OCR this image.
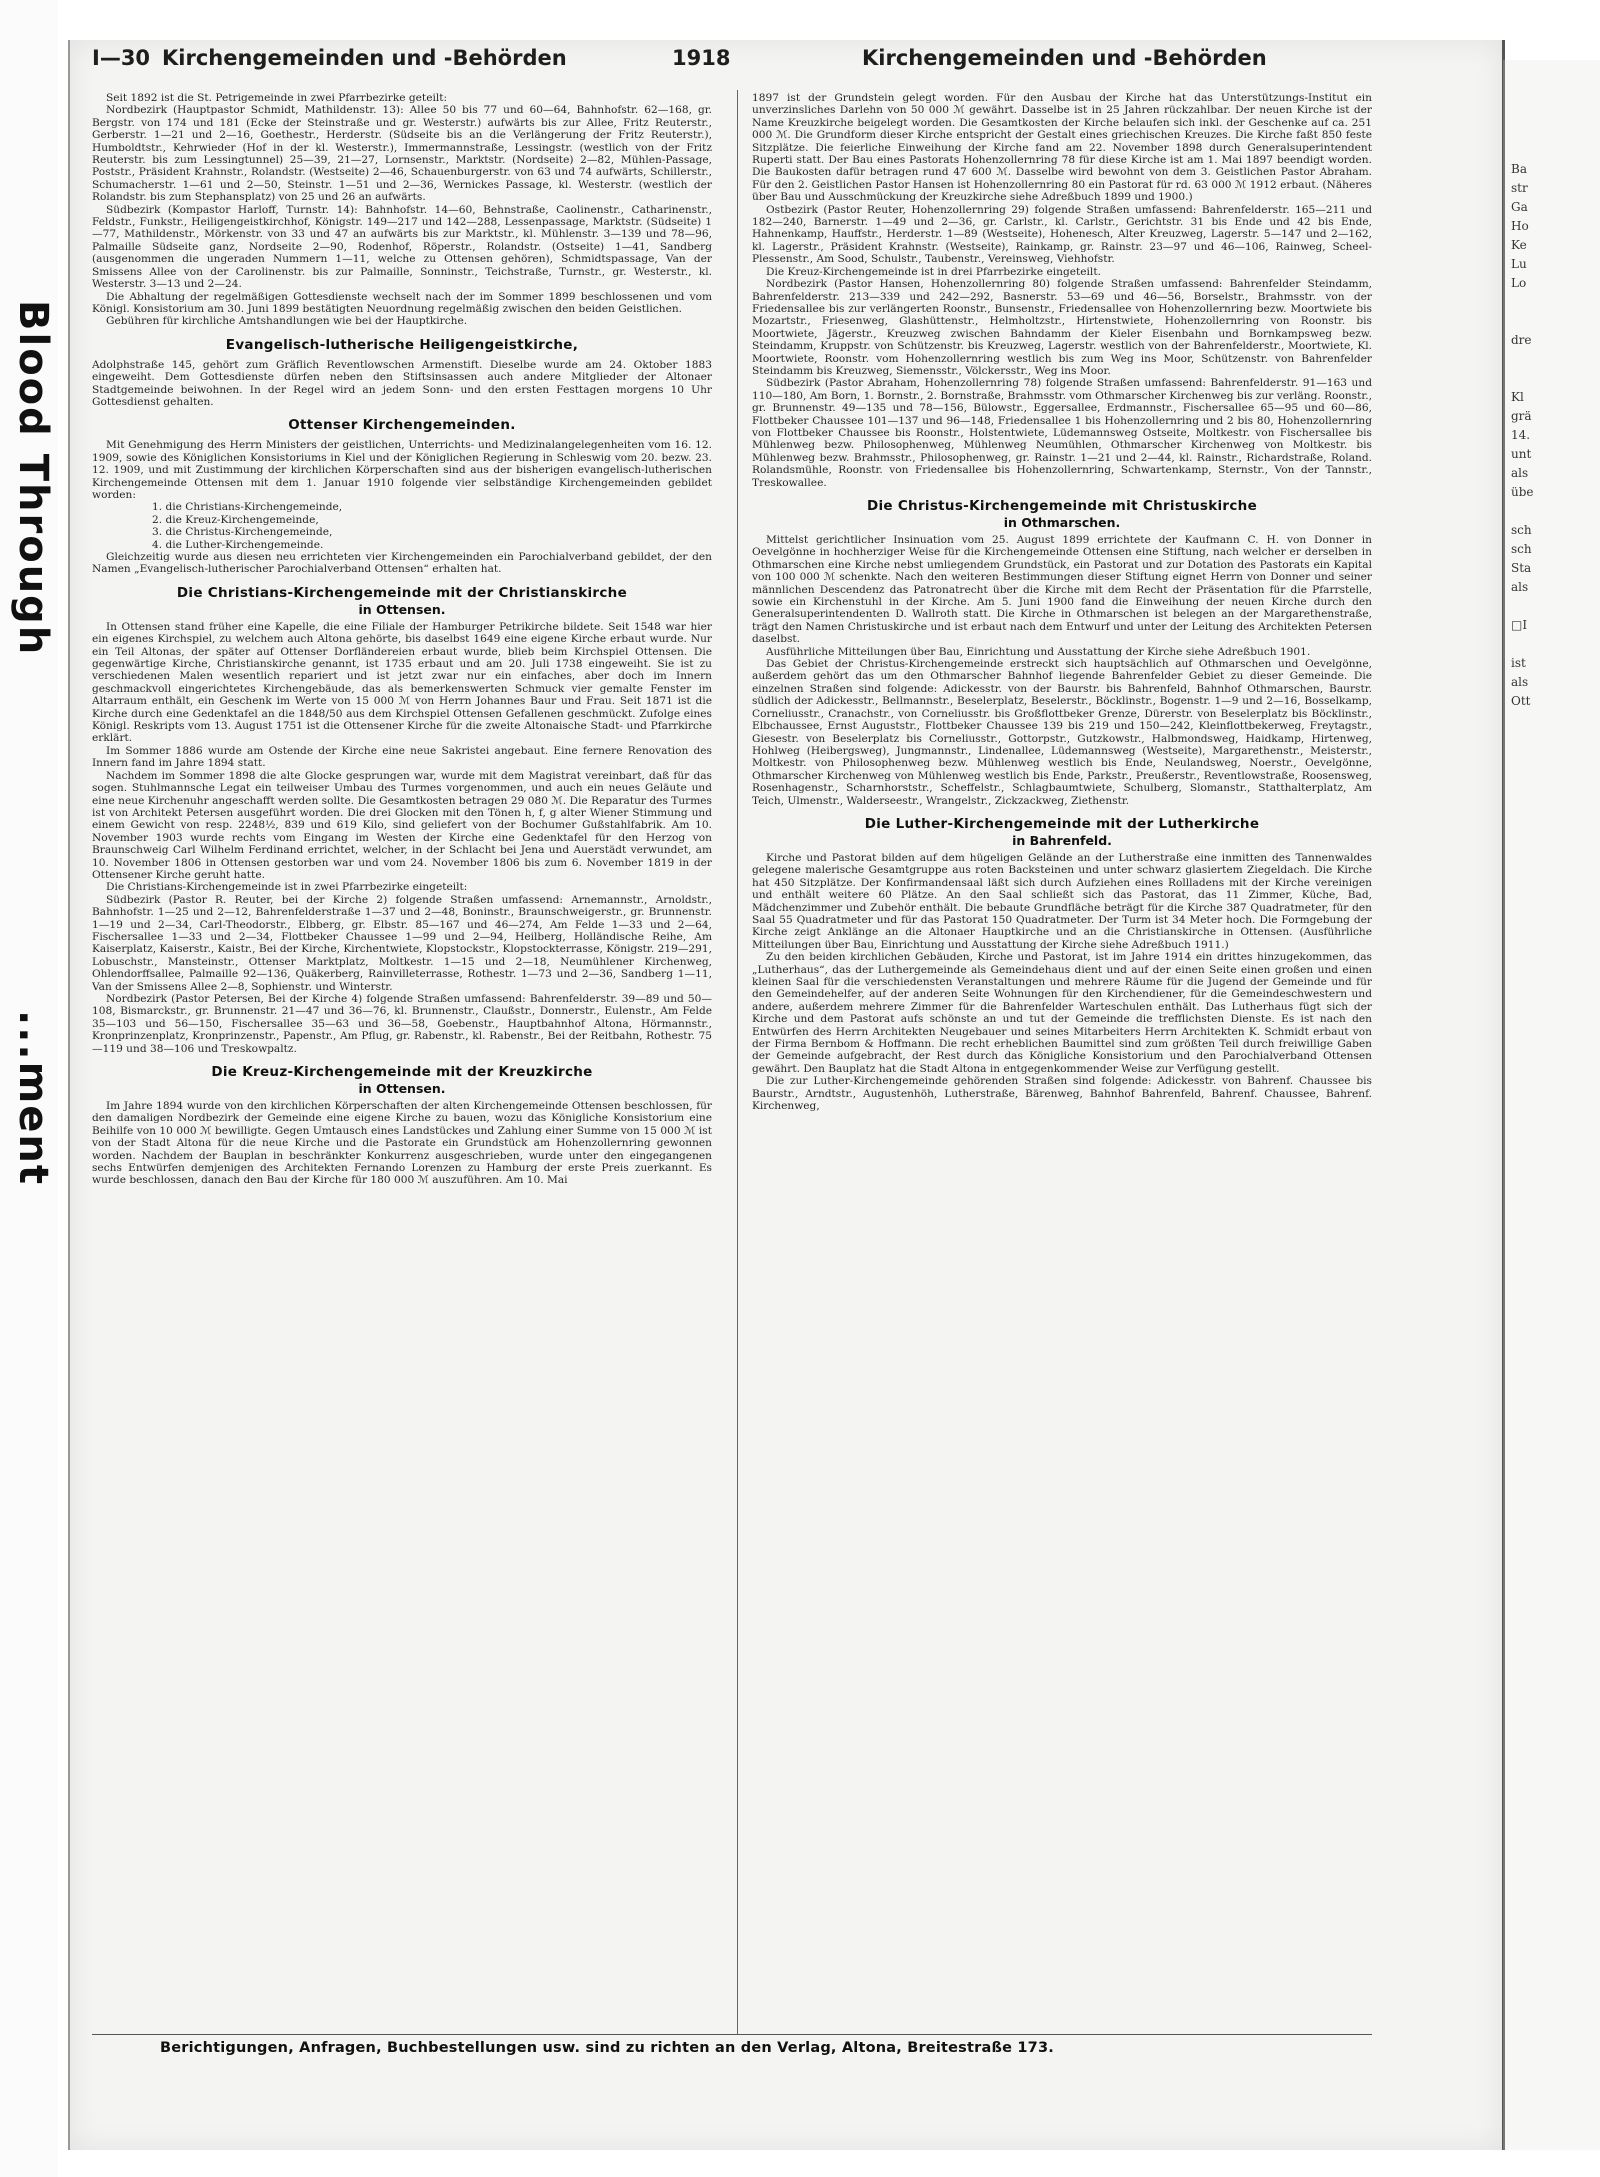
Blood Through
...ment
Ba
str
Ga
Ho
Ke
Lu
Lo

dre

Kl
grä
14.
unt
als
übe

sch
sch
Sta
als

□I

ist
als
Ott
I—30 Kirchengemeinden und -Behörden	1918	Kirchengemeinden und -Behörden

Seit 1892 ist die St. Petrigemeinde in zwei Pfarrbezirke geteilt:

Nordbezirk (Hauptpastor Schmidt, Mathildenstr. 13): Allee 50 bis 77 und 60—64, Bahnhofstr. 62—168, gr. Bergstr. von 174 und 181 (Ecke der Steinstraße und gr. Westerstr.) aufwärts bis zur Allee, Fritz Reuterstr., Gerberstr. 1—21 und 2—16, Goethestr., Herderstr. (Südseite bis an die Verlängerung der Fritz Reuterstr.), Humboldtstr., Kehrwieder (Hof in der kl. Westerstr.), Immermannstraße, Lessingstr. (westlich von der Fritz Reuterstr. bis zum Lessingtunnel) 25—39, 21—27, Lornsenstr., Marktstr. (Nordseite) 2—82, Mühlen-Passage, Poststr., Präsident Krahnstr., Rolandstr. (Westseite) 2—46, Schauenburgerstr. von 63 und 74 aufwärts, Schillerstr., Schumacherstr. 1—61 und 2—50, Steinstr. 1—51 und 2—36, Wernickes Passage, kl. Westerstr. (westlich der Rolandstr. bis zum Stephansplatz) von 25 und 26 an aufwärts.

Südbezirk (Kompastor Harloff, Turnstr. 14): Bahnhofstr. 14—60, Behnstraße, Caolinenstr., Catharinenstr., Feldstr., Funkstr., Heiligengeistkirchhof, Königstr. 149—217 und 142—288, Lessenpassage, Marktstr. (Südseite) 1—77, Mathildenstr., Mörkenstr. von 33 und 47 an aufwärts bis zur Marktstr., kl. Mühlenstr. 3—139 und 78—96, Palmaille Südseite ganz, Nordseite 2—90, Rodenhof, Röperstr., Rolandstr. (Ostseite) 1—41, Sandberg (ausgenommen die ungeraden Nummern 1—11, welche zu Ottensen gehören), Schmidtspassage, Van der Smissens Allee von der Carolinenstr. bis zur Palmaille, Sonninstr., Teichstraße, Turnstr., gr. Westerstr., kl. Westerstr. 3—13 und 2—24.

Die Abhaltung der regelmäßigen Gottesdienste wechselt nach der im Sommer 1899 beschlossenen und vom Königl. Konsistorium am 30. Juni 1899 bestätigten Neuordnung regelmäßig zwischen den beiden Geistlichen.

Gebühren für kirchliche Amtshandlungen wie bei der Hauptkirche.

Evangelisch-lutherische Heiligengeistkirche,

Adolphstraße 145, gehört zum Gräflich Reventlowschen Armenstift. Dieselbe wurde am 24. Oktober 1883 eingeweiht. Dem Gottesdienste dürfen neben den Stiftsinsassen auch andere Mitglieder der Altonaer Stadtgemeinde beiwohnen. In der Regel wird an jedem Sonn- und den ersten Festtagen morgens 10 Uhr Gottesdienst gehalten.

Ottenser Kirchengemeinden.

Mit Genehmigung des Herrn Ministers der geistlichen, Unterrichts- und Medizinalangelegenheiten vom 16. 12. 1909, sowie des Königlichen Konsistoriums in Kiel und der Königlichen Regierung in Schleswig vom 20. bezw. 23. 12. 1909, und mit Zustimmung der kirchlichen Körperschaften sind aus der bisherigen evangelisch-lutherischen Kirchengemeinde Ottensen mit dem 1. Januar 1910 folgende vier selbständige Kirchengemeinden gebildet worden:

1. die Christians-Kirchengemeinde,
2. die Kreuz-Kirchengemeinde,
3. die Christus-Kirchengemeinde,
4. die Luther-Kirchengemeinde.

Gleichzeitig wurde aus diesen neu errichteten vier Kirchengemeinden ein Parochialverband gebildet, der den Namen „Evangelisch-lutherischer Parochialverband Ottensen“ erhalten hat.

Die Christians-Kirchengemeinde mit der Christianskirche
in Ottensen.

In Ottensen stand früher eine Kapelle, die eine Filiale der Hamburger Petrikirche bildete. Seit 1548 war hier ein eigenes Kirchspiel, zu welchem auch Altona gehörte, bis daselbst 1649 eine eigene Kirche erbaut wurde. Nur ein Teil Altonas, der später auf Ottenser Dorfländereien erbaut wurde, blieb beim Kirchspiel Ottensen. Die gegenwärtige Kirche, Christianskirche genannt, ist 1735 erbaut und am 20. Juli 1738 eingeweiht. Sie ist zu verschiedenen Malen wesentlich repariert und ist jetzt zwar nur ein einfaches, aber doch im Innern geschmackvoll eingerichtetes Kirchengebäude, das als bemerkenswerten Schmuck vier gemalte Fenster im Altarraum enthält, ein Geschenk im Werte von 15 000 ℳ von Herrn Johannes Baur und Frau. Seit 1871 ist die Kirche durch eine Gedenktafel an die 1848/50 aus dem Kirchspiel Ottensen Gefallenen geschmückt. Zufolge eines Königl. Reskripts vom 13. August 1751 ist die Ottensener Kirche für die zweite Altonaische Stadt- und Pfarrkirche erklärt.

Im Sommer 1886 wurde am Ostende der Kirche eine neue Sakristei angebaut. Eine fernere Renovation des Innern fand im Jahre 1894 statt.

Nachdem im Sommer 1898 die alte Glocke gesprungen war, wurde mit dem Magistrat vereinbart, daß für das sogen. Stuhlmannsche Legat ein teilweiser Umbau des Turmes vorgenommen, und auch ein neues Geläute und eine neue Kirchenuhr angeschafft werden sollte. Die Gesamtkosten betragen 29 080 ℳ. Die Reparatur des Turmes ist von Architekt Petersen ausgeführt worden. Die drei Glocken mit den Tönen h, f, g alter Wiener Stimmung und einem Gewicht von resp. 2248½, 839 und 619 Kilo, sind geliefert von der Bochumer Gußstahlfabrik. Am 10. November 1903 wurde rechts vom Eingang im Westen der Kirche eine Gedenktafel für den Herzog von Braunschweig Carl Wilhelm Ferdinand errichtet, welcher, in der Schlacht bei Jena und Auerstädt verwundet, am 10. November 1806 in Ottensen gestorben war und vom 24. November 1806 bis zum 6. November 1819 in der Ottensener Kirche geruht hatte.

Die Christians-Kirchengemeinde ist in zwei Pfarrbezirke eingeteilt:

Südbezirk (Pastor R. Reuter, bei der Kirche 2) folgende Straßen umfassend: Arnemannstr., Arnoldstr., Bahnhofstr. 1—25 und 2—12, Bahrenfelderstraße 1—37 und 2—48, Boninstr., Braunschweigerstr., gr. Brunnenstr. 1—19 und 2—34, Carl-Theodorstr., Elbberg, gr. Elbstr. 85—167 und 46—274, Am Felde 1—33 und 2—64, Fischersallee 1—33 und 2—34, Flottbeker Chaussee 1—99 und 2—94, Heilberg, Holländische Reihe, Am Kaiserplatz, Kaiserstr., Kaistr., Bei der Kirche, Kirchentwiete, Klopstockstr., Klopstockterrasse, Königstr. 219—291, Lobuschstr., Mansteinstr., Ottenser Marktplatz, Moltkestr. 1—15 und 2—18, Neumühlener Kirchenweg, Ohlendorffsallee, Palmaille 92—136, Quäkerberg, Rainvilleterrasse, Rothestr. 1—73 und 2—36, Sandberg 1—11, Van der Smissens Allee 2—8, Sophienstr. und Winterstr.

Nordbezirk (Pastor Petersen, Bei der Kirche 4) folgende Straßen umfassend: Bahrenfelderstr. 39—89 und 50—108, Bismarckstr., gr. Brunnenstr. 21—47 und 36—76, kl. Brunnenstr., Claußstr., Donnerstr., Eulenstr., Am Felde 35—103 und 56—150, Fischersallee 35—63 und 36—58, Goebenstr., Hauptbahnhof Altona, Hörmannstr., Kronprinzenplatz, Kronprinzenstr., Papenstr., Am Pflug, gr. Rabenstr., kl. Rabenstr., Bei der Reitbahn, Rothestr. 75—119 und 38—106 und Treskowpaltz.

Die Kreuz-Kirchengemeinde mit der Kreuzkirche
in Ottensen.

Im Jahre 1894 wurde von den kirchlichen Körperschaften der alten Kirchengemeinde Ottensen beschlossen, für den damaligen Nordbezirk der Gemeinde eine eigene Kirche zu bauen, wozu das Königliche Konsistorium eine Beihilfe von 10 000 ℳ bewilligte. Gegen Umtausch eines Landstückes und Zahlung einer Summe von 15 000 ℳ ist von der Stadt Altona für die neue Kirche und die Pastorate ein Grundstück am Hohenzollernring gewonnen worden. Nachdem der Bauplan in beschränkter Konkurrenz ausgeschrieben, wurde unter den eingegangenen sechs Entwürfen demjenigen des Architekten Fernando Lorenzen zu Hamburg der erste Preis zuerkannt. Es wurde beschlossen, danach den Bau der Kirche für 180 000 ℳ auszuführen. Am 10. Mai

1897 ist der Grundstein gelegt worden. Für den Ausbau der Kirche hat das Unterstützungs-Institut ein unverzinsliches Darlehn von 50 000 ℳ gewährt. Dasselbe ist in 25 Jahren rückzahlbar. Der neuen Kirche ist der Name Kreuzkirche beigelegt worden. Die Gesamtkosten der Kirche belaufen sich inkl. der Geschenke auf ca. 251 000 ℳ. Die Grundform dieser Kirche entspricht der Gestalt eines griechischen Kreuzes. Die Kirche faßt 850 feste Sitzplätze. Die feierliche Einweihung der Kirche fand am 22. November 1898 durch Generalsuperintendent Ruperti statt. Der Bau eines Pastorats Hohenzollernring 78 für diese Kirche ist am 1. Mai 1897 beendigt worden. Die Baukosten dafür betragen rund 47 600 ℳ. Dasselbe wird bewohnt von dem 3. Geistlichen Pastor Abraham. Für den 2. Geistlichen Pastor Hansen ist Hohenzollernring 80 ein Pastorat für rd. 63 000 ℳ 1912 erbaut. (Näheres über Bau und Ausschmückung der Kreuzkirche siehe Adreßbuch 1899 und 1900.)

Ostbezirk (Pastor Reuter, Hohenzollernring 29) folgende Straßen umfassend: Bahrenfelderstr. 165—211 und 182—240, Barnerstr. 1—49 und 2—36, gr. Carlstr., kl. Carlstr., Gerichtstr. 31 bis Ende und 42 bis Ende, Hahnenkamp, Hauffstr., Herderstr. 1—89 (Westseite), Hohenesch, Alter Kreuzweg, Lagerstr. 5—147 und 2—162, kl. Lagerstr., Präsident Krahnstr. (Westseite), Rainkamp, gr. Rainstr. 23—97 und 46—106, Rainweg, Scheel-Plessenstr., Am Sood, Schulstr., Taubenstr., Vereinsweg, Viehhofstr.

Die Kreuz-Kirchengemeinde ist in drei Pfarrbezirke eingeteilt.

Nordbezirk (Pastor Hansen, Hohenzollernring 80) folgende Straßen umfassend: Bahrenfelder Steindamm, Bahrenfelderstr. 213—339 und 242—292, Basnerstr. 53—69 und 46—56, Borselstr., Brahmsstr. von der Friedensallee bis zur verlängerten Roonstr., Bunsenstr., Friedensallee von Hohenzollernring bezw. Moortwiete bis Mozartstr., Friesenweg, Glashüttenstr., Helmholtzstr., Hirtenstwiete, Hohenzollernring von Roonstr. bis Moortwiete, Jägerstr., Kreuzweg zwischen Bahndamm der Kieler Eisenbahn und Bornkampsweg bezw. Steindamm, Kruppstr. von Schützenstr. bis Kreuzweg, Lagerstr. westlich von der Bahrenfelderstr., Moortwiete, Kl. Moortwiete, Roonstr. vom Hohenzollernring westlich bis zum Weg ins Moor, Schützenstr. von Bahrenfelder Steindamm bis Kreuzweg, Siemensstr., Völckersstr., Weg ins Moor.

Südbezirk (Pastor Abraham, Hohenzollernring 78) folgende Straßen umfassend: Bahrenfelderstr. 91—163 und 110—180, Am Born, 1. Bornstr., 2. Bornstraße, Brahmsstr. vom Othmarscher Kirchenweg bis zur verläng. Roonstr., gr. Brunnenstr. 49—135 und 78—156, Bülowstr., Eggersallee, Erdmannstr., Fischersallee 65—95 und 60—86, Flottbeker Chaussee 101—137 und 96—148, Friedensallee 1 bis Hohenzollernring und 2 bis 80, Hohenzollernring von Flottbeker Chaussee bis Roonstr., Holstentwiete, Lüdemannsweg Ostseite, Moltkestr. von Fischersallee bis Mühlenweg bezw. Philosophenweg, Mühlenweg Neumühlen, Othmarscher Kirchenweg von Moltkestr. bis Mühlenweg bezw. Brahmsstr., Philosophenweg, gr. Rainstr. 1—21 und 2—44, kl. Rainstr., Richardstraße, Roland. Rolandsmühle, Roonstr. von Friedensallee bis Hohenzollernring, Schwartenkamp, Sternstr., Von der Tannstr., Treskowallee.

Die Christus-Kirchengemeinde mit Christuskirche
in Othmarschen.

Mittelst gerichtlicher Insinuation vom 25. August 1899 errichtete der Kaufmann C. H. von Donner in Oevelgönne in hochherziger Weise für die Kirchengemeinde Ottensen eine Stiftung, nach welcher er derselben in Othmarschen eine Kirche nebst umliegendem Grundstück, ein Pastorat und zur Dotation des Pastorats ein Kapital von 100 000 ℳ schenkte. Nach den weiteren Bestimmungen dieser Stiftung eignet Herrn von Donner und seiner männlichen Descendenz das Patronatrecht über die Kirche mit dem Recht der Präsentation für die Pfarrstelle, sowie ein Kirchenstuhl in der Kirche. Am 5. Juni 1900 fand die Einweihung der neuen Kirche durch den Generalsuperintendenten D. Wallroth statt. Die Kirche in Othmarschen ist belegen an der Margarethenstraße, trägt den Namen Christuskirche und ist erbaut nach dem Entwurf und unter der Leitung des Architekten Petersen daselbst.

Ausführliche Mitteilungen über Bau, Einrichtung und Ausstattung der Kirche siehe Adreßbuch 1901.

Das Gebiet der Christus-Kirchengemeinde erstreckt sich hauptsächlich auf Othmarschen und Oevelgönne, außerdem gehört das um den Othmarscher Bahnhof liegende Bahrenfelder Gebiet zu dieser Gemeinde. Die einzelnen Straßen sind folgende: Adickesstr. von der Baurstr. bis Bahrenfeld, Bahnhof Othmarschen, Baurstr. südlich der Adickesstr., Bellmannstr., Beselerplatz, Beselerstr., Böcklinstr., Bogenstr. 1—9 und 2—16, Bosselkamp, Corneliusstr., Cranachstr., von Corneliusstr. bis Großflottbeker Grenze, Dürerstr. von Beselerplatz bis Böcklinstr., Elbchaussee, Ernst Auguststr., Flottbeker Chaussee 139 bis 219 und 150—242, Kleinflottbekerweg, Freytagstr., Giesestr. von Beselerplatz bis Corneliusstr., Gottorpstr., Gutzkowstr., Halbmondsweg, Haidkamp, Hirtenweg, Hohlweg (Heibergsweg), Jungmannstr., Lindenallee, Lüdemannsweg (Westseite), Margarethenstr., Meisterstr., Moltkestr. von Philosophenweg bezw. Mühlenweg westlich bis Ende, Neulandsweg, Noerstr., Oevelgönne, Othmarscher Kirchenweg von Mühlenweg westlich bis Ende, Parkstr., Preußerstr., Reventlowstraße, Roosensweg, Rosenhagenstr., Scharnhorststr., Scheffelstr., Schlagbaumtwiete, Schulberg, Slomanstr., Statthalterplatz, Am Teich, Ulmenstr., Walderseestr., Wrangelstr., Zickzackweg, Ziethenstr.

Die Luther-Kirchengemeinde mit der Lutherkirche
in Bahrenfeld.

Kirche und Pastorat bilden auf dem hügeligen Gelände an der Lutherstraße eine inmitten des Tannenwaldes gelegene malerische Gesamtgruppe aus roten Backsteinen und unter schwarz glasiertem Ziegeldach. Die Kirche hat 450 Sitzplätze. Der Konfirmandensaal läßt sich durch Aufziehen eines Rollladens mit der Kirche vereinigen und enthält weitere 60 Plätze. An den Saal schließt sich das Pastorat, das 11 Zimmer, Küche, Bad, Mädchenzimmer und Zubehör enthält. Die bebaute Grundfläche beträgt für die Kirche 387 Quadratmeter, für den Saal 55 Quadratmeter und für das Pastorat 150 Quadratmeter. Der Turm ist 34 Meter hoch. Die Formgebung der Kirche zeigt Anklänge an die Altonaer Hauptkirche und an die Christianskirche in Ottensen. (Ausführliche Mitteilungen über Bau, Einrichtung und Ausstattung der Kirche siehe Adreßbuch 1911.)

Zu den beiden kirchlichen Gebäuden, Kirche und Pastorat, ist im Jahre 1914 ein drittes hinzugekommen, das „Lutherhaus“, das der Luthergemeinde als Gemeindehaus dient und auf der einen Seite einen großen und einen kleinen Saal für die verschiedensten Veranstaltungen und mehrere Räume für die Jugend der Gemeinde und für den Gemeindehelfer, auf der anderen Seite Wohnungen für den Kirchendiener, für die Gemeindeschwestern und andere, außerdem mehrere Zimmer für die Bahrenfelder Warteschulen enthält. Das Lutherhaus fügt sich der Kirche und dem Pastorat aufs schönste an und tut der Gemeinde die trefflichsten Dienste. Es ist nach den Entwürfen des Herrn Architekten Neugebauer und seines Mitarbeiters Herrn Architekten K. Schmidt erbaut von der Firma Bernbom & Hoffmann. Die recht erheblichen Baumittel sind zum größten Teil durch freiwillige Gaben der Gemeinde aufgebracht, der Rest durch das Königliche Konsistorium und den Parochialverband Ottensen gewährt. Den Bauplatz hat die Stadt Altona in entgegenkommender Weise zur Verfügung gestellt.

Die zur Luther-Kirchengemeinde gehörenden Straßen sind folgende: Adickesstr. von Bahrenf. Chaussee bis Baurstr., Arndtstr., Augustenhöh, Lutherstraße, Bärenweg, Bahnhof Bahrenfeld, Bahrenf. Chaussee, Bahrenf. Kirchenweg,

Berichtigungen, Anfragen, Buchbestellungen usw. sind zu richten an den Verlag, Altona, Breitestraße 173.
